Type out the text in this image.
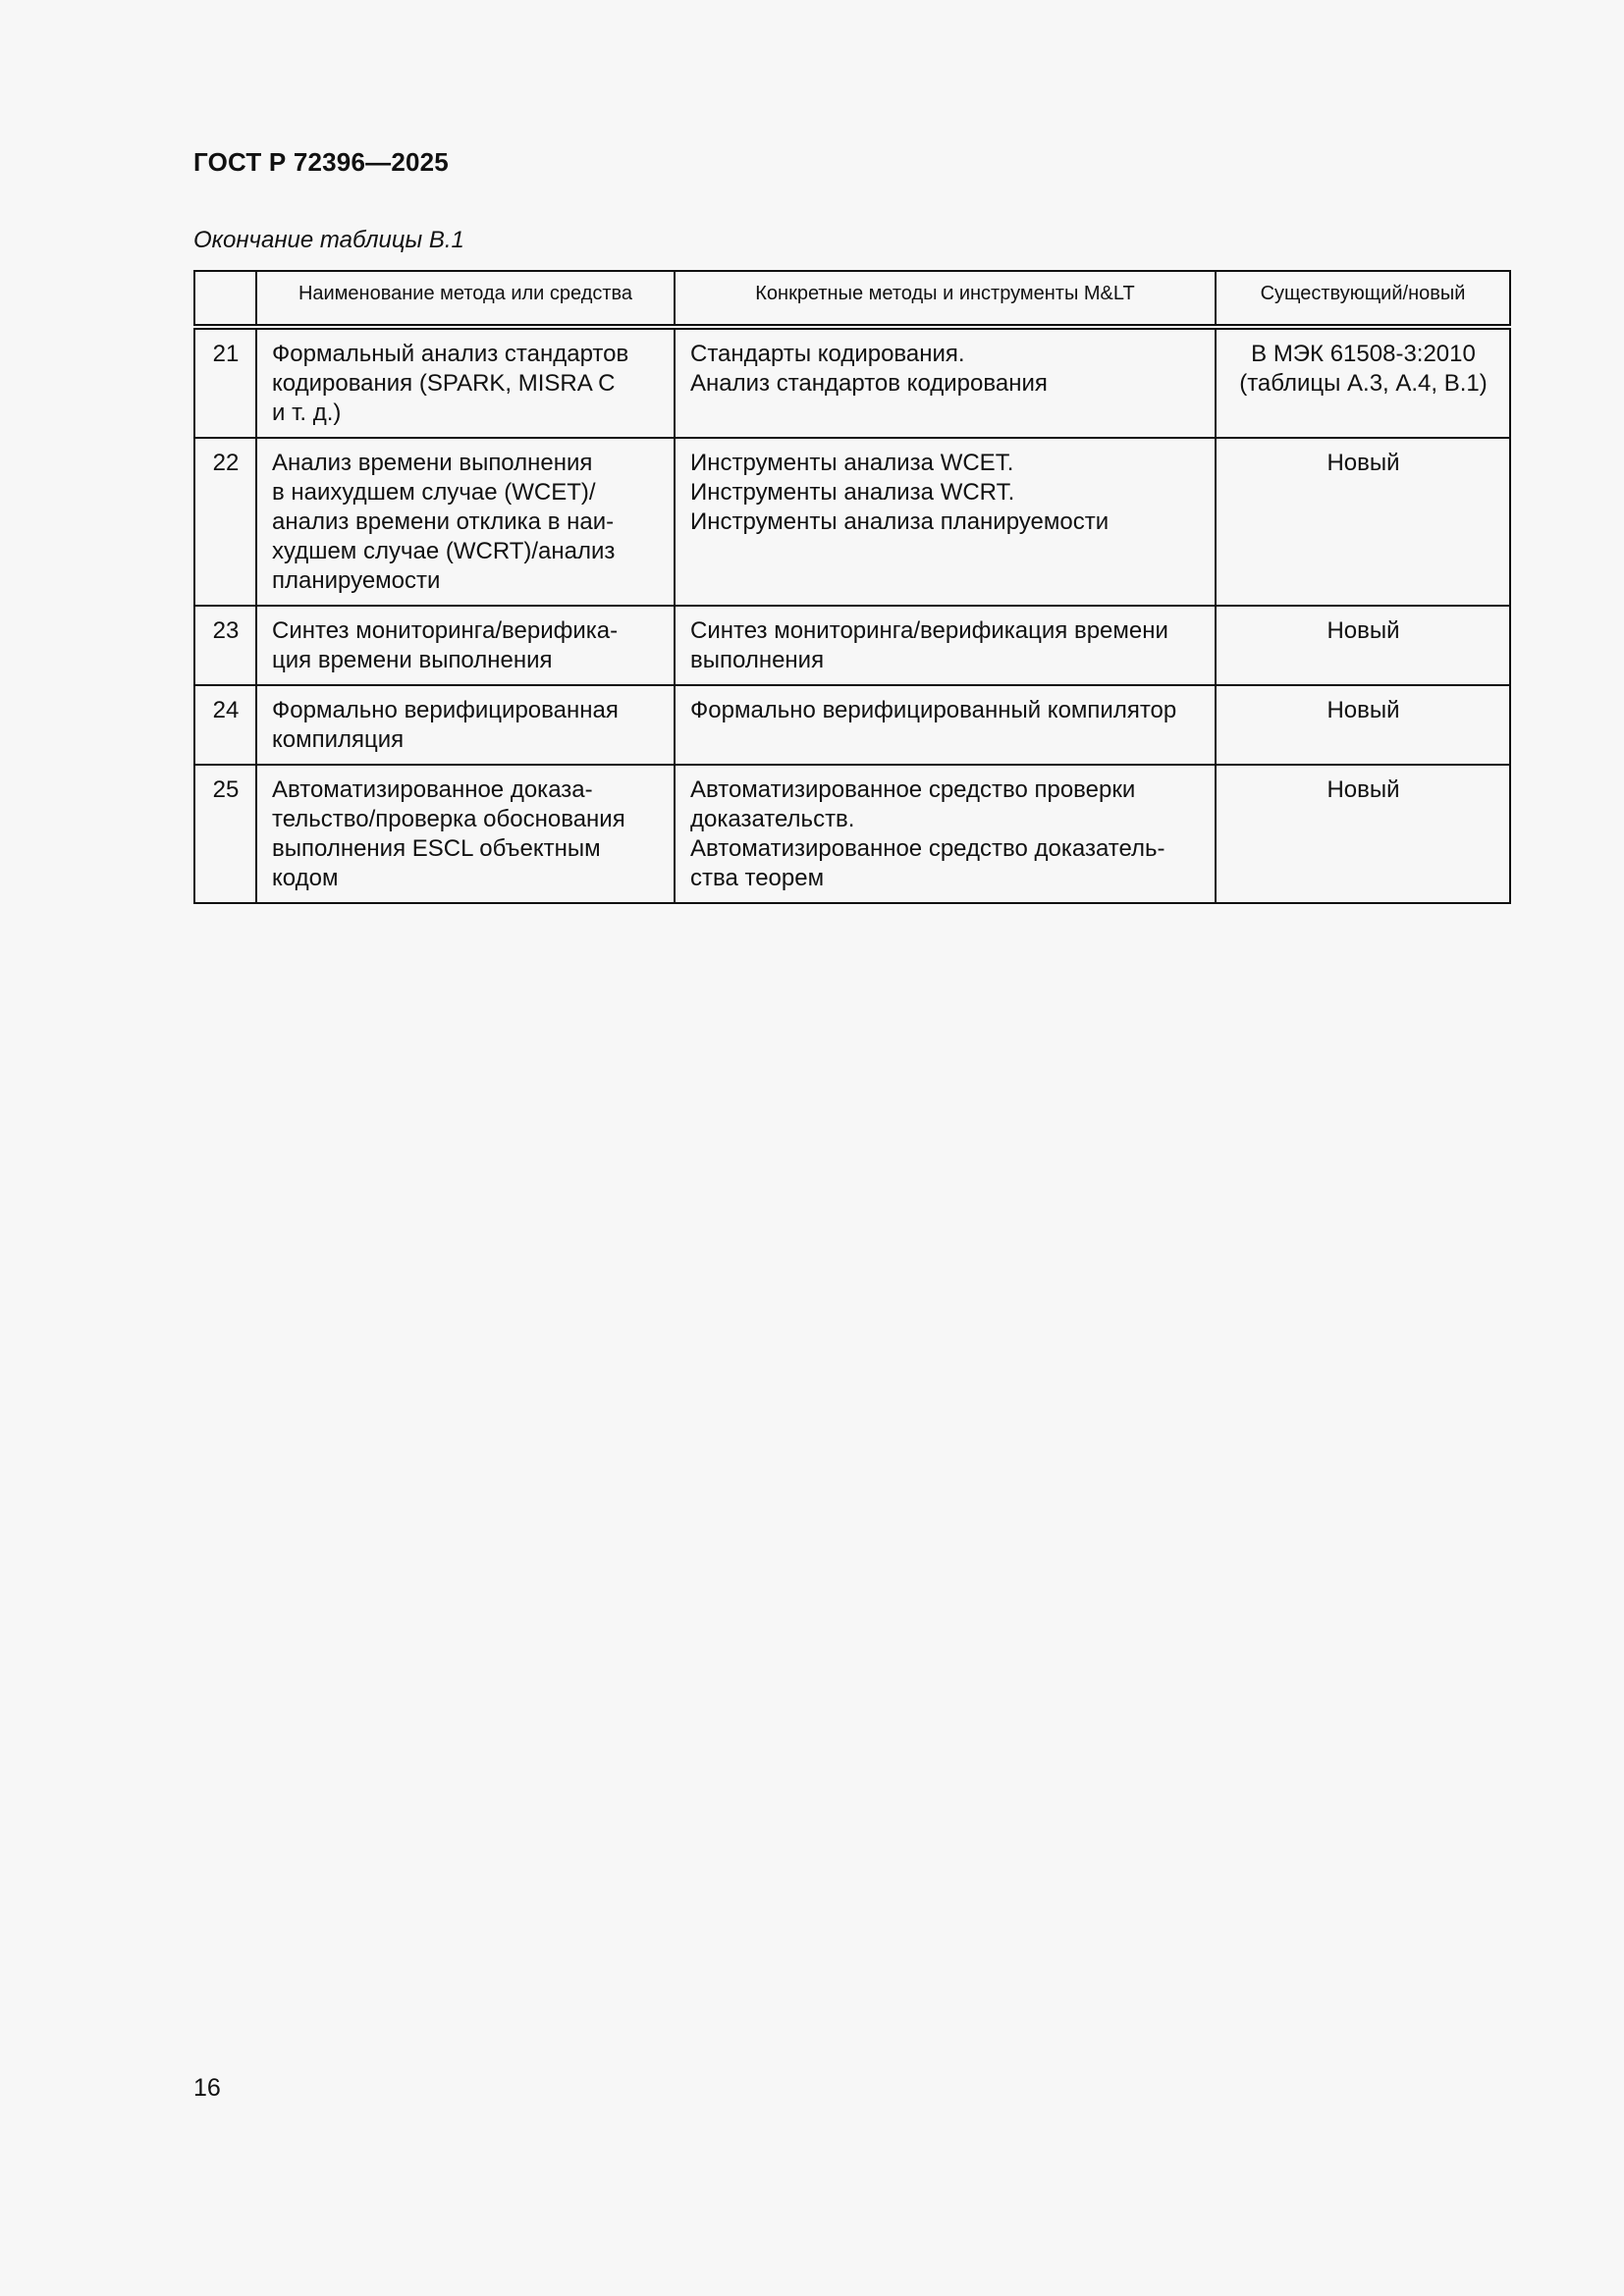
ГОСТ Р 72396—2025
Окончание таблицы В.1
	Наименование метода или средства	Конкретные методы и инструменты M&LT	Существующий/новый
21	Формальный анализ стандартов
кодирования (SPARK, MISRA C
и т. д.)	Стандарты кодирования.
Анализ стандартов кодирования	В МЭК 61508-3:2010
(таблицы А.3, А.4, В.1)

22	Анализ времени выполнения
в наихудшем случае (WCET)/
анализ времени отклика в наи-
худшем случае (WCRT)/анализ
планируемости	Инструменты анализа WCET.
Инструменты анализа WCRT.
Инструменты анализа планируемости	Новый

23	Синтез мониторинга/верифика-
ция времени выполнения	Синтез мониторинга/верификация времени
выполнения	Новый

24	Формально верифицированная
компиляция	Формально верифицированный компилятор	Новый

25	Автоматизированное доказа-
тельство/проверка обоснования
выполнения ESCL объектным
кодом	Автоматизированное средство проверки
доказательств.
Автоматизированное средство доказатель-
ства теорем	Новый
16
